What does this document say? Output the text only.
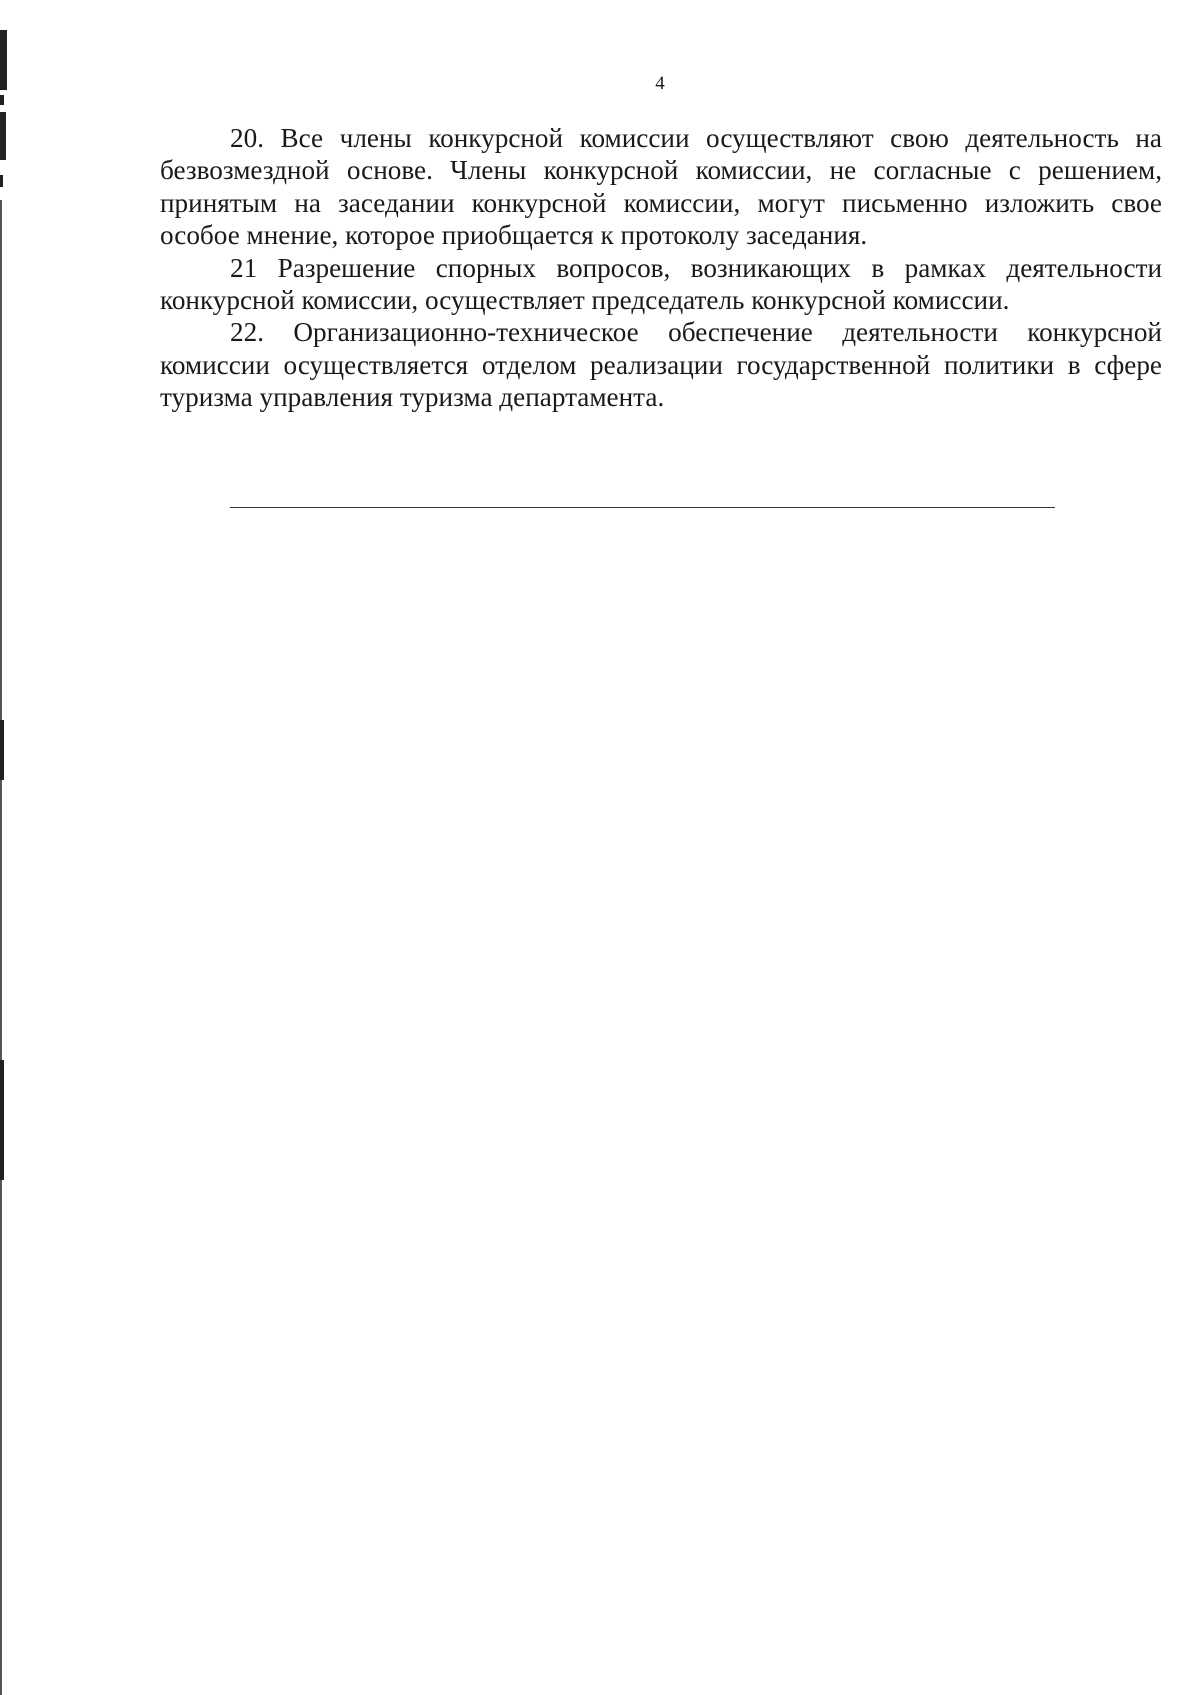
4

20. Все члены конкурсной комиссии осуществляют свою деятельность на безвозмездной основе. Члены конкурсной комиссии, не согласные с решением, принятым на заседании конкурсной комиссии, могут письменно изложить свое особое мнение, которое приобщается к протоколу заседания.

21 Разрешение спорных вопросов, возникающих в рамках деятельности конкурсной комиссии, осуществляет председатель конкурсной комиссии.

22. Организационно-техническое обеспечение деятельности конкурсной комиссии осуществляется отделом реализации государственной политики в сфере туризма управления туризма департамента.
